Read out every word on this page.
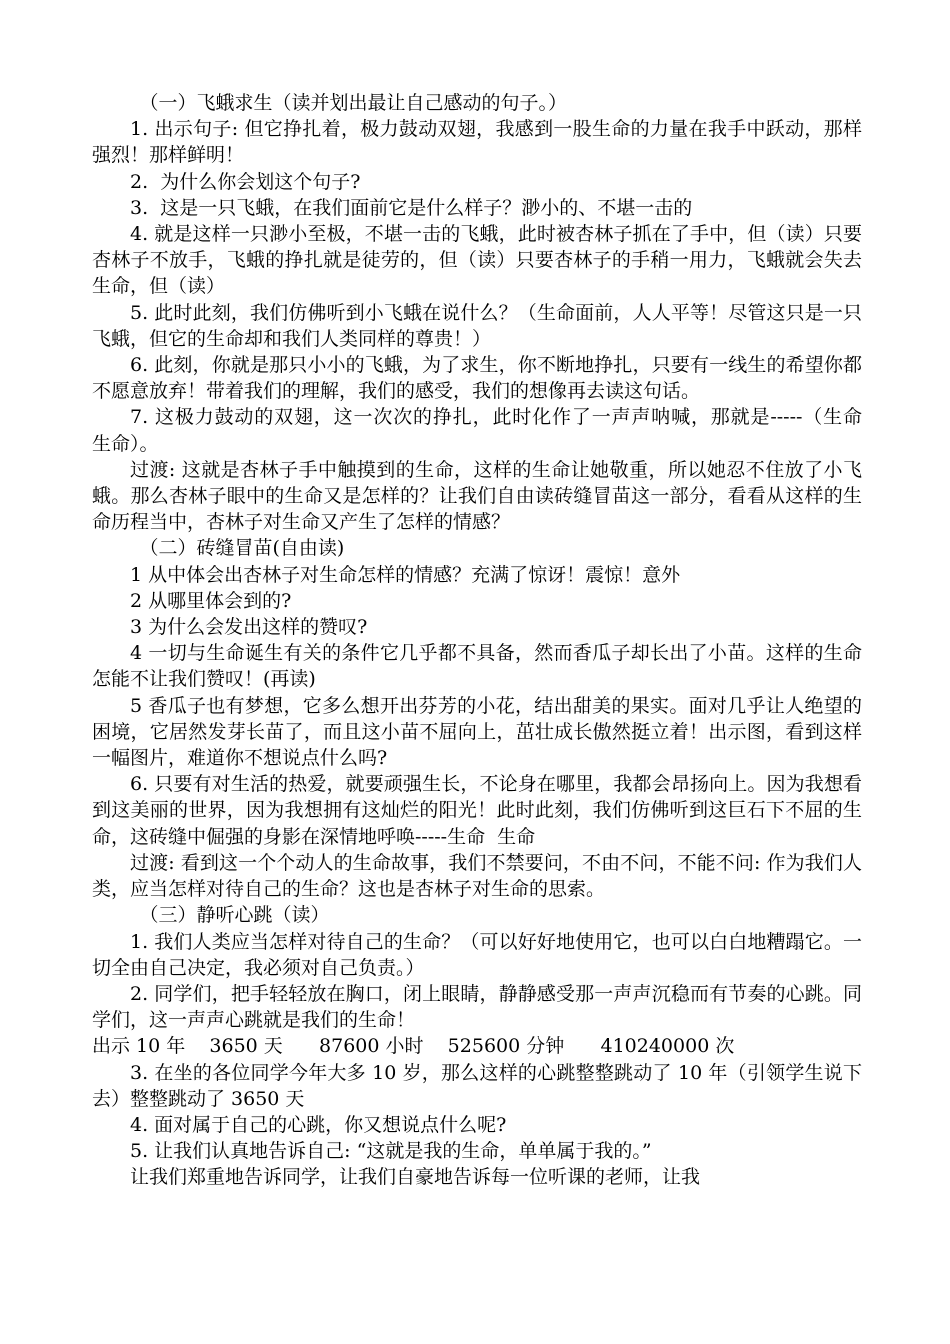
（一）飞蛾求生（读并划出最让自己感动的句子。）

1. 出示句子: 但它挣扎着，极力鼓动双翅，我感到一股生命的力量在我手中跃动，那样强烈！那样鲜明！

2.  为什么你会划这个句子?

3.  这是一只飞蛾，在我们面前它是什么样子？渺小的、不堪一击的

4. 就是这样一只渺小至极，不堪一击的飞蛾，此时被杏林子抓在了手中，但（读）只要杏林子不放手，飞蛾的挣扎就是徒劳的，但（读）只要杏林子的手稍一用力，飞蛾就会失去生命，但（读）

5. 此时此刻，我们仿佛听到小飞蛾在说什么？（生命面前，人人平等！尽管这只是一只飞蛾，但它的生命却和我们人类同样的尊贵！）

6. 此刻，你就是那只小小的飞蛾，为了求生，你不断地挣扎，只要有一线生的希望你都不愿意放弃！带着我们的理解，我们的感受，我们的想像再去读这句话。

7. 这极力鼓动的双翅，这一次次的挣扎，此时化作了一声声呐喊，那就是-----（生命  生命）。

过渡: 这就是杏林子手中触摸到的生命，这样的生命让她敬重，所以她忍不住放了小飞蛾。那么杏林子眼中的生命又是怎样的？让我们自由读砖缝冒苗这一部分，看看从这样的生命历程当中，杏林子对生命又产生了怎样的情感？

（二）砖缝冒苗(自由读)

1 从中体会出杏林子对生命怎样的情感？充满了惊讶！震惊！意外

2 从哪里体会到的?

3 为什么会发出这样的赞叹?

4 一切与生命诞生有关的条件它几乎都不具备，然而香瓜子却长出了小苗。这样的生命怎能不让我们赞叹！(再读)

5 香瓜子也有梦想，它多么想开出芬芳的小花，结出甜美的果实。面对几乎让人绝望的困境，它居然发芽长苗了，而且这小苗不屈向上，茁壮成长傲然挺立着！出示图，看到这样一幅图片，难道你不想说点什么吗?

6. 只要有对生活的热爱，就要顽强生长，不论身在哪里，我都会昂扬向上。因为我想看到这美丽的世界，因为我想拥有这灿烂的阳光！此时此刻，我们仿佛听到这巨石下不屈的生命，这砖缝中倔强的身影在深情地呼唤-----生命  生命

过渡: 看到这一个个动人的生命故事，我们不禁要问，不由不问，不能不问: 作为我们人类，应当怎样对待自己的生命？这也是杏林子对生命的思索。

（三）静听心跳（读）

1. 我们人类应当怎样对待自己的生命？（可以好好地使用它，也可以白白地糟蹋它。一切全由自己决定，我必须对自己负责。）

2. 同学们，把手轻轻放在胸口，闭上眼睛，静静感受那一声声沉稳而有节奏的心跳。同学们，这一声声心跳就是我们的生命！

出示 10 年    3650 天      87600 小时    525600 分钟      410240000 次

3. 在坐的各位同学今年大多 10 岁，那么这样的心跳整整跳动了 10 年（引领学生说下去）整整跳动了 3650 天

4. 面对属于自己的心跳，你又想说点什么呢?

5. 让我们认真地告诉自己: “这就是我的生命，单单属于我的。”

让我们郑重地告诉同学，让我们自豪地告诉每一位听课的老师，让我
